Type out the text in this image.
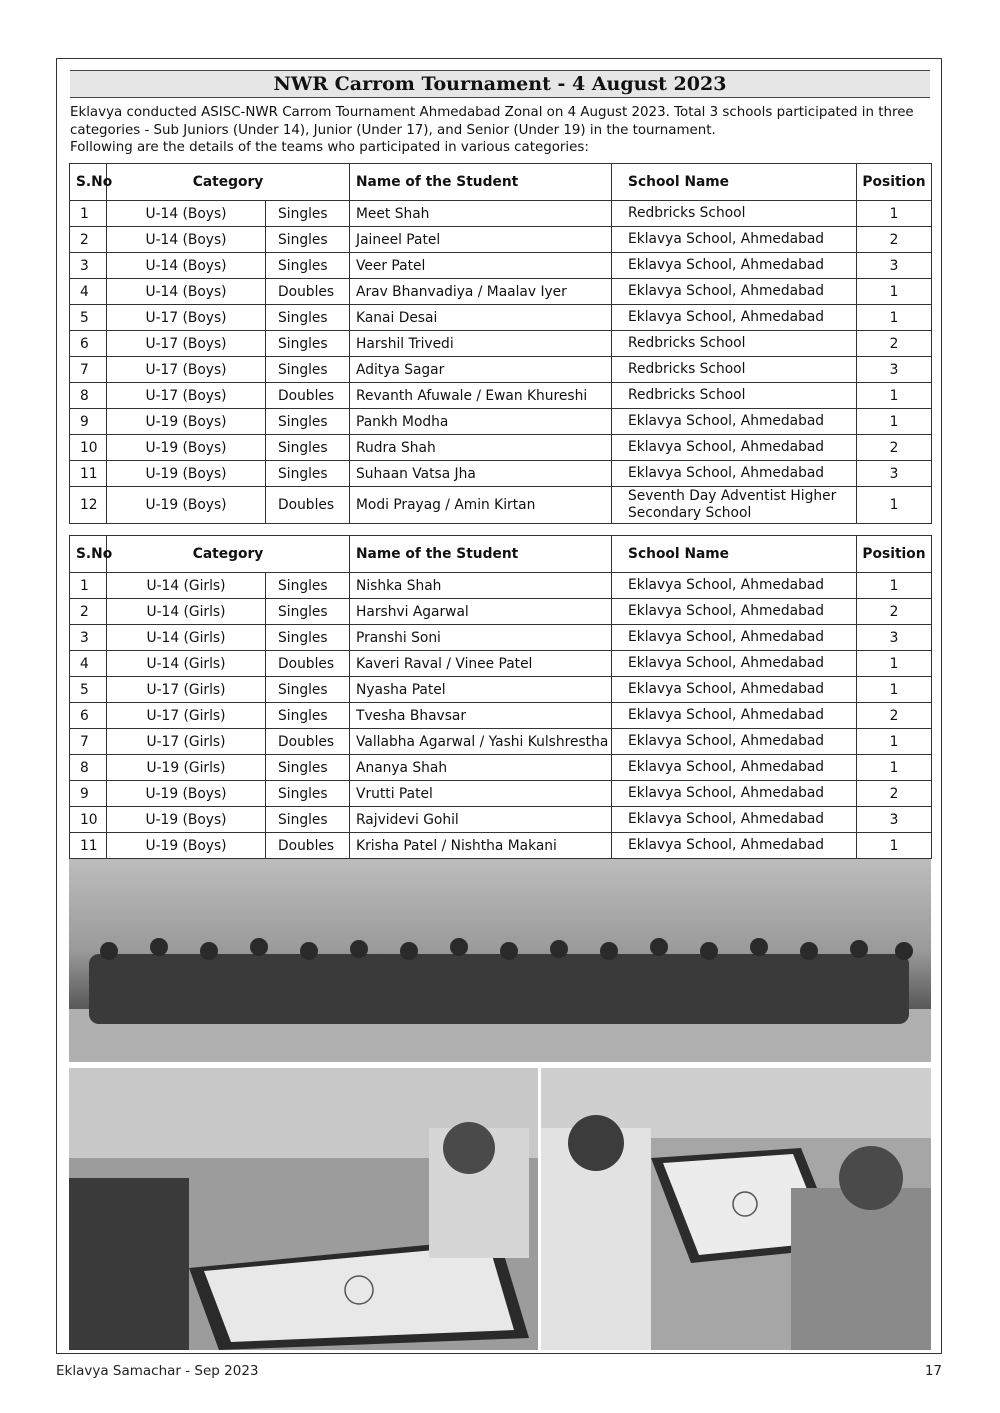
NWR Carrom Tournament - 4 August 2023

Eklavya conducted ASISC-NWR Carrom Tournament Ahmedabad Zonal on 4 August 2023. Total 3 schools participated in three categories - Sub Juniors (Under 14), Junior (Under 17), and Senior (Under 19) in the tournament.

Following are the details of the teams who participated in various categories:

S.No	Category		Name of the Student	School Name	Position
1	U-14 (Boys)	Singles	Meet Shah	Redbricks School	1
2	U-14 (Boys)	Singles	Jaineel Patel	Eklavya School, Ahmedabad	2
3	U-14 (Boys)	Singles	Veer Patel	Eklavya School, Ahmedabad	3
4	U-14 (Boys)	Doubles	Arav Bhanvadiya / Maalav Iyer	Eklavya School, Ahmedabad	1
5	U-17 (Boys)	Singles	Kanai Desai	Eklavya School, Ahmedabad	1
6	U-17 (Boys)	Singles	Harshil Trivedi	Redbricks School	2
7	U-17 (Boys)	Singles	Aditya Sagar	Redbricks School	3
8	U-17 (Boys)	Doubles	Revanth Afuwale / Ewan Khureshi	Redbricks School	1
9	U-19 (Boys)	Singles	Pankh Modha	Eklavya School, Ahmedabad	1
10	U-19 (Boys)	Singles	Rudra Shah	Eklavya School, Ahmedabad	2
11	U-19 (Boys)	Singles	Suhaan Vatsa Jha	Eklavya School, Ahmedabad	3
12	U-19 (Boys)	Doubles	Modi Prayag / Amin Kirtan	Seventh Day Adventist Higher Secondary School	1
S.No	Category		Name of the Student	School Name	Position
1	U-14 (Girls)	Singles	Nishka Shah	Eklavya School, Ahmedabad	1
2	U-14 (Girls)	Singles	Harshvi Agarwal	Eklavya School, Ahmedabad	2
3	U-14 (Girls)	Singles	Pranshi Soni	Eklavya School, Ahmedabad	3
4	U-14 (Girls)	Doubles	Kaveri Raval / Vinee Patel	Eklavya School, Ahmedabad	1
5	U-17 (Girls)	Singles	Nyasha Patel	Eklavya School, Ahmedabad	1
6	U-17 (Girls)	Singles	Tvesha Bhavsar	Eklavya School, Ahmedabad	2
7	U-17 (Girls)	Doubles	Vallabha Agarwal / Yashi Kulshrestha	Eklavya School, Ahmedabad	1
8	U-19 (Girls)	Singles	Ananya Shah	Eklavya School, Ahmedabad	1
9	U-19 (Boys)	Singles	Vrutti Patel	Eklavya School, Ahmedabad	2
10	U-19 (Boys)	Singles	Rajvidevi Gohil	Eklavya School, Ahmedabad	3
11	U-19 (Boys)	Doubles	Krisha Patel / Nishtha Makani	Eklavya School, Ahmedabad	1
Eklavya Samachar - Sep 2023	17
